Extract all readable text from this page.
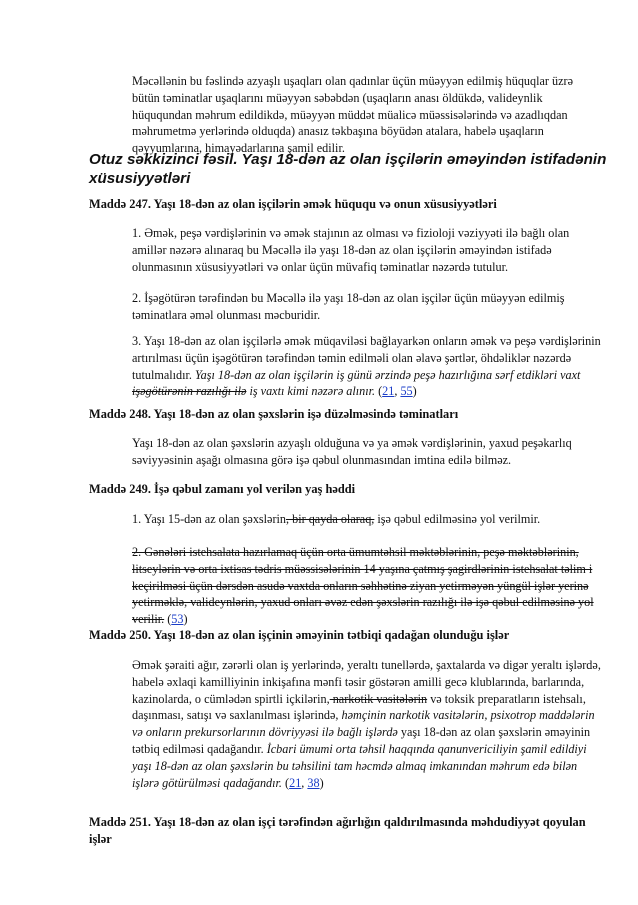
Məcəllənin bu fəslində azyaşlı uşaqları olan qadınlar üçün müəyyən edilmiş hüquqlar üzrə bütün təminatlar uşaqlarını müəyyən səbəbdən (uşaqların anası öldükdə, valideynlik hüququndan məhrum edildikdə, müəyyən müddət müalicə müəssisələrində və azadlıqdan məhrumetmə yerlərində olduqda) anasız təkbaşına böyüdən atalara, habelə uşaqların qəyyumlarına, himayədarlarına şamil edilir.

Otuz səkkizinci fəsil. Yaşı 18-dən az olan işçilərin əməyindən istifadənin xüsusiyyətləri
Maddə 247. Yaşı 18-dən az olan işçilərin əmək hüququ və onun xüsusiyyətləri

1. Əmək, peşə vərdişlərinin və əmək stajının az olması və fizioloji vəziyyəti ilə bağlı olan amillər nəzərə alınaraq bu Məcəllə ilə yaşı 18-dən az olan işçilərin əməyindən istifadə olunmasının xüsusiyyətləri və onlar üçün müvafiq təminatlar nəzərdə tutulur.

2. İşəgötürən tərəfindən bu Məcəllə ilə yaşı 18-dən az olan işçilər üçün müəyyən edilmiş təminatlara əməl olunması məcburidir.

3. Yaşı 18-dən az olan işçilərlə əmək müqaviləsi bağlayarkən onların əmək və peşə vərdişlərinin artırılması üçün işəgötürən tərəfindən təmin edilməli olan əlavə şərtlər, öhdəliklər nəzərdə tutulmalıdır. Yaşı 18-dən az olan işçilərin iş günü ərzində peşə hazırlığına sərf etdikləri vaxt işəgötürənin razılığı ilə iş vaxtı kimi nəzərə alınır. (21, 55)

Maddə 248. Yaşı 18-dən az olan şəxslərin işə düzəlməsində təminatları

Yaşı 18-dən az olan şəxslərin azyaşlı olduğuna və ya əmək vərdişlərinin, yaxud peşəkarlıq səviyyəsinin aşağı olmasına görə işə qəbul olunmasından imtina edilə bilməz.

Maddə 249. İşə qəbul zamanı yol verilən yaş həddi

1. Yaşı 15-dən az olan şəxslərin, bir qayda olaraq, işə qəbul edilməsinə yol verilmir.

2. Gənələri istehsalata hazırlamaq üçün orta ümumtəhsil məktəblərinin, peşə məktəblərinin, litseylərin və orta ixtisas tədris müəssisələrinin 14 yaşına çatmış şagirdlərinin istehsalat təlim i keçirilməsi üçün dərsdən asudə vaxtda onların səhhətinə ziyan yetirməyən yüngül işlər yerinə yetirməklə, valideynlərin, yaxud onları əvəz edən şəxslərin razılığı ilə işə qəbul edilməsinə yol verilir. (53)

Maddə 250. Yaşı 18-dən az olan işçinin əməyinin tətbiqi qadağan olunduğu işlər

Əmək şəraiti ağır, zərərli olan iş yerlərində, yeraltı tunellərdə, şaxtalarda və digər yeraltı işlərdə, habelə əxlaqi kamilliyinin inkişafına mənfi təsir göstərən amilli gecə klublarında, barlarında, kazinolarda, o cümlədən spirtli içkilərin, narkotik vasitələrin və toksik preparatların istehsalı, daşınması, satışı və saxlanılması işlərində, həmçinin narkotik vasitələrin, psixotrop maddələrin və onların prekursorlarının dövriyyəsi ilə bağlı işlərdə yaşı 18-dən az olan şəxslərin əməyinin tətbiq edilməsi qadağandır. İcbari ümumi orta təhsil haqqında qanunvericiliyin şamil edildiyi yaşı 18-dən az olan şəxslərin bu təhsilini tam həcmdə almaq imkanından məhrum edə bilən işlərə götürülməsi qadağandır. (21, 38)

Maddə 251. Yaşı 18-dən az olan işçi tərəfindən ağırlığın qaldırılmasında məhdudiyyət qoyulan işlər
